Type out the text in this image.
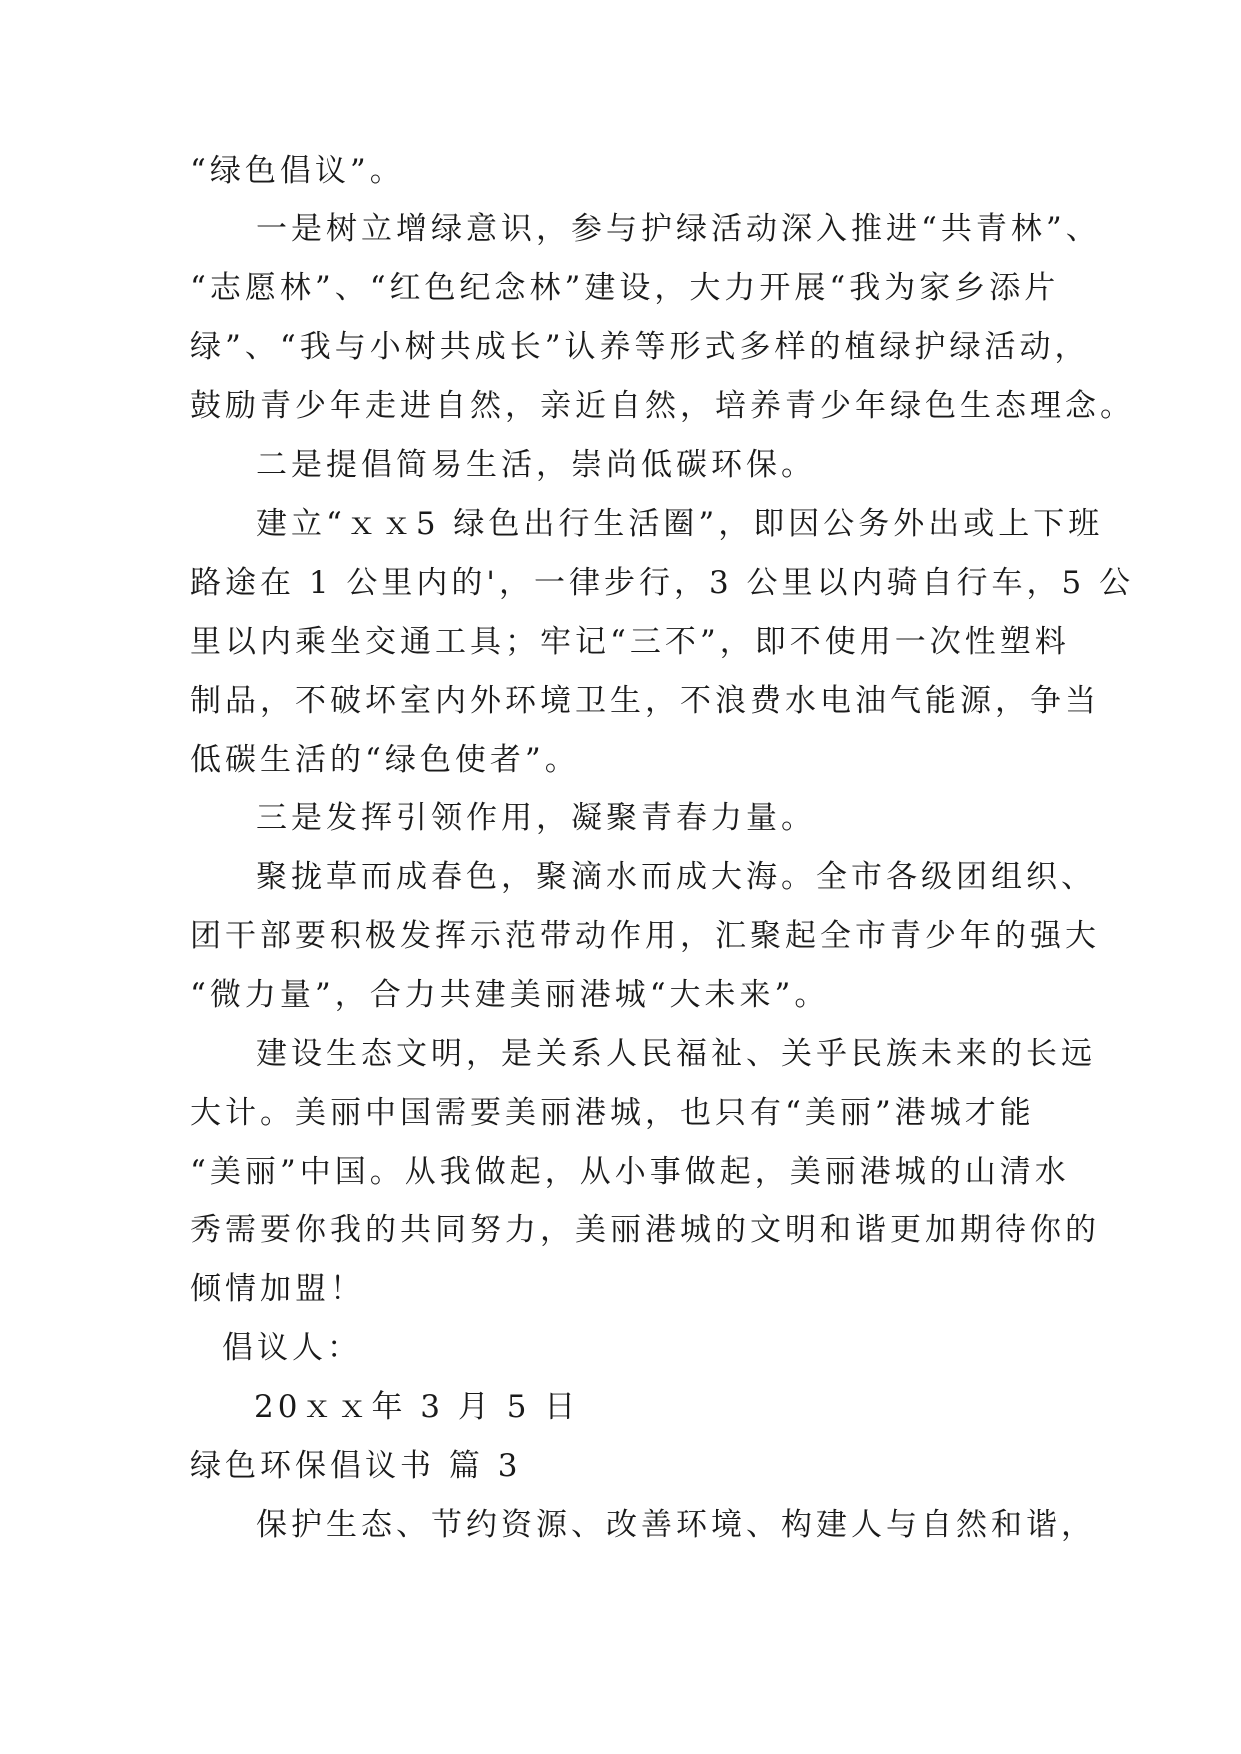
“绿色倡议”。
一是树立增绿意识，参与护绿活动深入推进“共青林”、
“志愿林”、“红色纪念林”建设，大力开展“我为家乡添片
绿”、“我与小树共成长”认养等形式多样的植绿护绿活动，
鼓励青少年走进自然，亲近自然，培养青少年绿色生态理念。
二是提倡简易生活，崇尚低碳环保。
建立“ｘｘ5 绿色出行生活圈”，即因公务外出或上下班
路途在 1 公里内的'，一律步行，3 公里以内骑自行车，5 公
里以内乘坐交通工具；牢记“三不”，即不使用一次性塑料
制品，不破坏室内外环境卫生，不浪费水电油气能源，争当
低碳生活的“绿色使者”。
三是发挥引领作用，凝聚青春力量。
聚拢草而成春色，聚滴水而成大海。全市各级团组织、
团干部要积极发挥示范带动作用，汇聚起全市青少年的强大
“微力量”，合力共建美丽港城“大未来”。
建设生态文明，是关系人民福祉、关乎民族未来的长远
大计。美丽中国需要美丽港城，也只有“美丽”港城才能
“美丽”中国。从我做起，从小事做起，美丽港城的山清水
秀需要你我的共同努力，美丽港城的文明和谐更加期待你的
倾情加盟！
倡议人：
20ｘｘ年 3 月 5 日
绿色环保倡议书 篇 3
保护生态、节约资源、改善环境、构建人与自然和谐，
